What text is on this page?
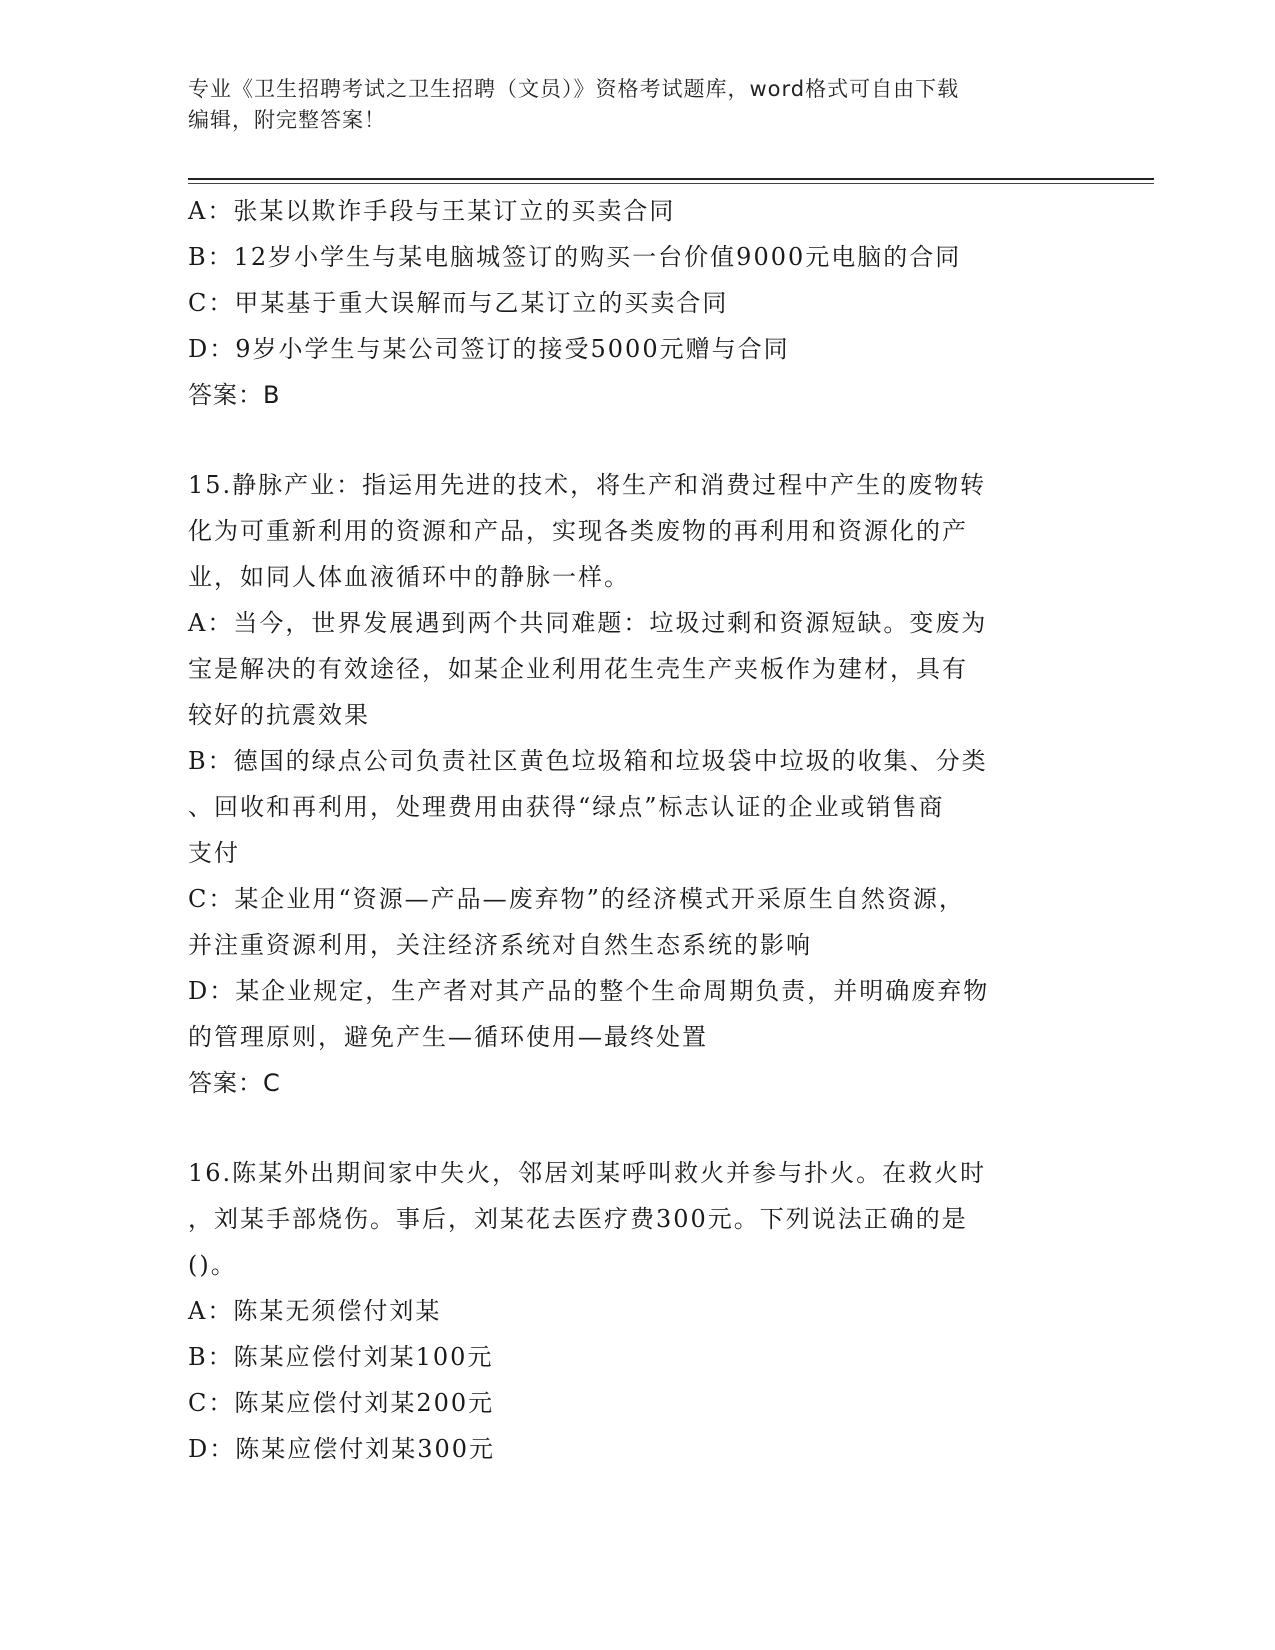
专业《卫生招聘考试之卫生招聘（文员）》资格考试题库，word格式可自由下载
编辑，附完整答案！
A：张某以欺诈手段与王某订立的买卖合同
B：12岁小学生与某电脑城签订的购买一台价值9000元电脑的合同
C：甲某基于重大误解而与乙某订立的买卖合同
D：9岁小学生与某公司签订的接受5000元赠与合同
答案：B
15.静脉产业：指运用先进的技术，将生产和消费过程中产生的废物转
化为可重新利用的资源和产品，实现各类废物的再利用和资源化的产
业，如同人体血液循环中的静脉一样。
A：当今，世界发展遇到两个共同难题：垃圾过剩和资源短缺。变废为
宝是解决的有效途径，如某企业利用花生壳生产夹板作为建材，具有
较好的抗震效果
B：德国的绿点公司负责社区黄色垃圾箱和垃圾袋中垃圾的收集、分类
、回收和再利用，处理费用由获得“绿点”标志认证的企业或销售商
支付
C：某企业用“资源—产品—废弃物”的经济模式开采原生自然资源，
并注重资源利用，关注经济系统对自然生态系统的影响
D：某企业规定，生产者对其产品的整个生命周期负责，并明确废弃物
的管理原则，避免产生—循环使用—最终处置
答案：C
16.陈某外出期间家中失火，邻居刘某呼叫救火并参与扑火。在救火时
，刘某手部烧伤。事后，刘某花去医疗费300元。下列说法正确的是
()。
A：陈某无须偿付刘某
B：陈某应偿付刘某100元
C：陈某应偿付刘某200元
D：陈某应偿付刘某300元
